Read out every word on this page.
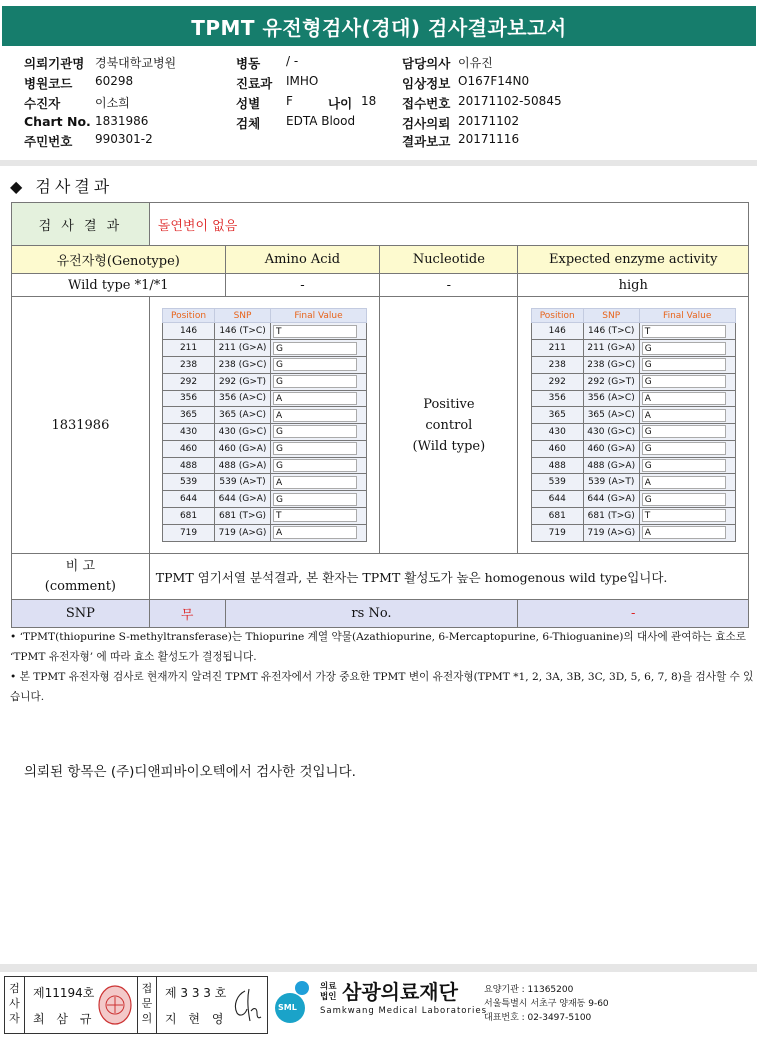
TPMT 유전형검사(경대) 검사결과보고서
의뢰기관명 경북대학교병원	병동 / -	담당의사 이유진
병원코드 60298	진료과 IMHO	임상정보 O167F14N0
수진자	이소희	성별 F	나이 18 접수번호 20171102-50845
Chart No. 1831986	검체 EDTA Blood	검사의뢰 20171102
주민번호 990301-2	결과보고 20171116
◆ 검사결과
검 사 결 과	돌연변이 없음
유전자형(Genotype)	Amino Acid	Nucleotide	Expected enzyme activity
Wild type *1/*1	-	-	high
1831986	
Position	SNP	Final Value
146	146 (T>C)	T

211	211 (G>A)	G

238	238 (G>C)	G

292	292 (G>T)	G

356	356 (A>C)	A

365	365 (A>C)	A

430	430 (G>C)	G

460	460 (G>A)	G

488	488 (G>A)	G

539	539 (A>T)	A

644	644 (G>A)	G

681	681 (T>G)	T

719	719 (A>G)	A
	Positive
control
(Wild type)	
Position	SNP	Final Value
146	146 (T>C)	T

211	211 (G>A)	G

238	238 (G>C)	G

292	292 (G>T)	G

356	356 (A>C)	A

365	365 (A>C)	A

430	430 (G>C)	G

460	460 (G>A)	G

488	488 (G>A)	G

539	539 (A>T)	A

644	644 (G>A)	G

681	681 (T>G)	T

719	719 (A>G)	A

비 고
(comment)	TPMT 염기서열 분석결과, 본 환자는 TPMT 활성도가 높은 homogenous wild type입니다.
SNP	무	rs No.	-

• ‘TPMT(thiopurine S-methyltransferase)는 Thiopurine 계열 약물(Azathiopurine, 6-Mercaptopurine, 6-Thioguanine)의 대사에 관여하는 효소로 ‘TPMT 유전자형’ 에 따라 효소 활성도가 결정됩니다.

• 본 TPMT 유전자형 검사로 현재까지 알려진 TPMT 유전자에서 가장 중요한 TPMT 변이 유전자형(TPMT *1, 2, 3A, 3B, 3C, 3D, 5, 6, 7, 8)을 검사할 수 있습니다.

의뢰된 항목은 (주)디앤피바이오텍에서 검사한 것입니다.
검사자
제11194호
최 삼 규
접문의
제 3 3 3 호
지 현 영
SML
의료
법인 삼광의료재단
Samkwang Medical Laboratories
요양기관 : 11365200
서울특별시 서초구 양재동 9-60
대표번호 : 02-3497-5100
